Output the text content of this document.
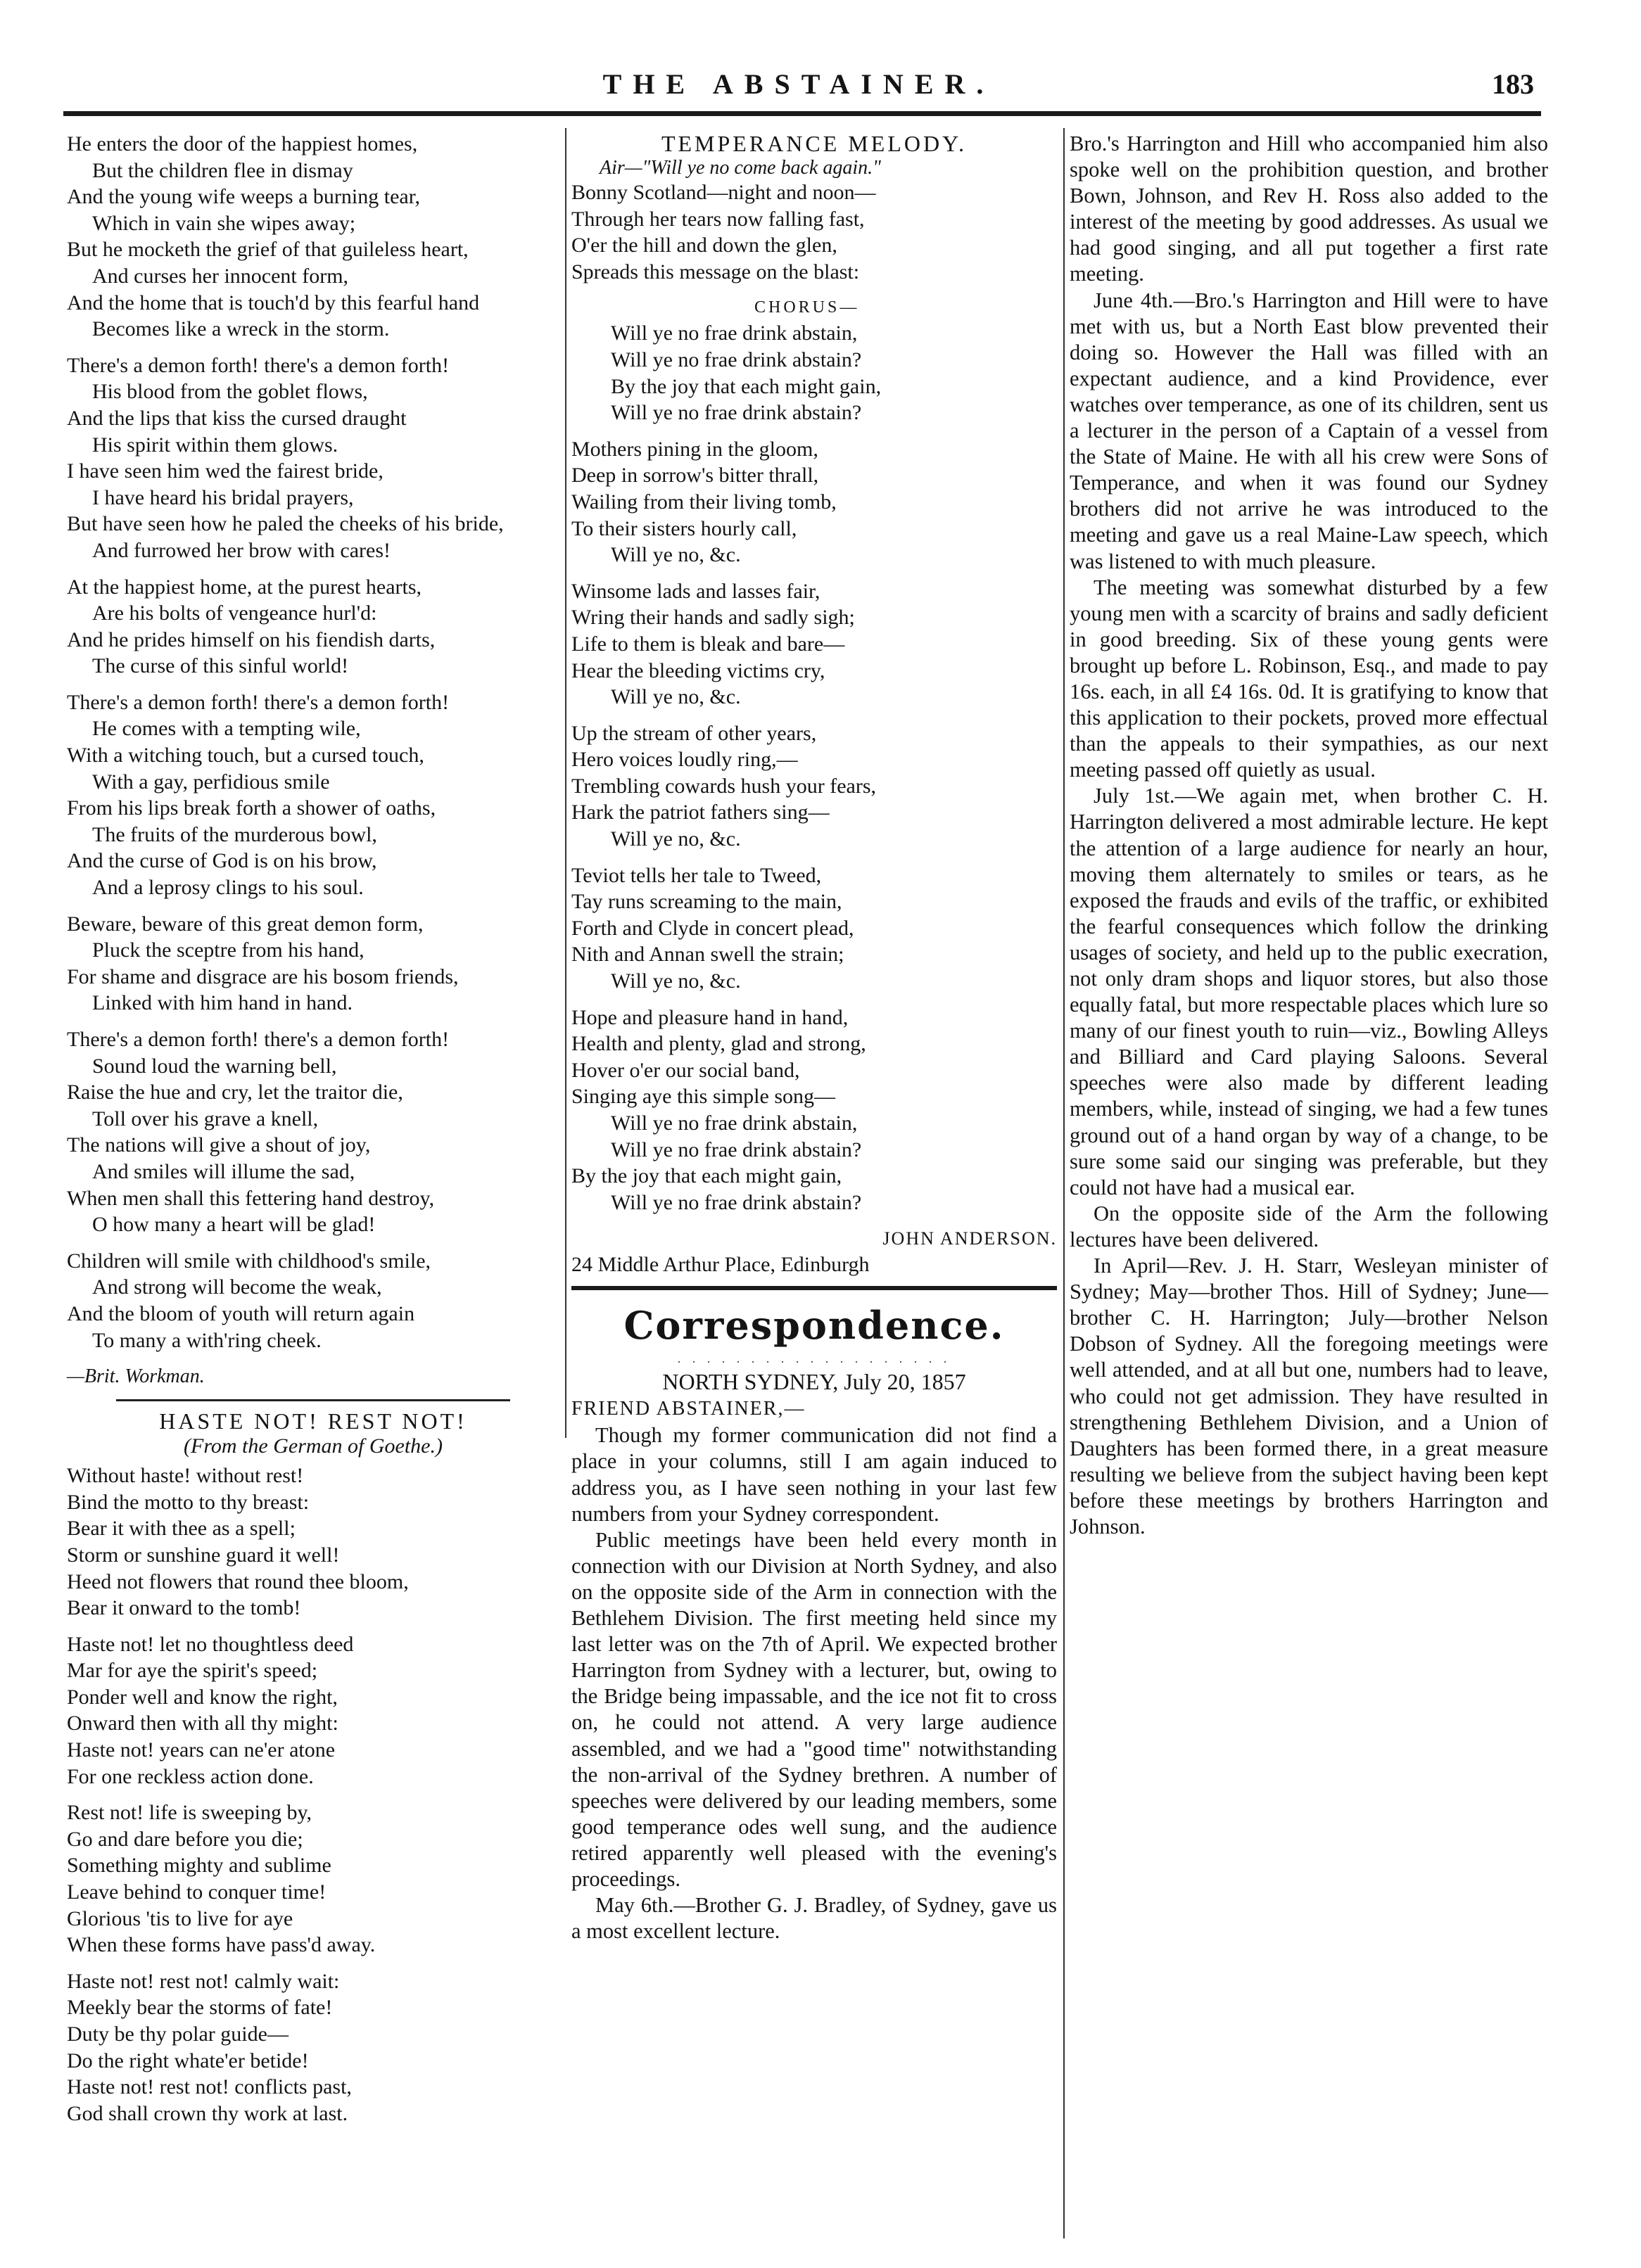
THE ABSTAINER.	183
He enters the door of the happiest homes,
But the children flee in dismay
And the young wife weeps a burning tear,
Which in vain she wipes away;
But he mocketh the grief of that guileless heart,
And curses her innocent form,
And the home that is touch'd by this fearful hand
Becomes like a wreck in the storm.
There's a demon forth! there's a demon forth!
His blood from the goblet flows,
And the lips that kiss the cursed draught
His spirit within them glows.
I have seen him wed the fairest bride,
I have heard his bridal prayers,
But have seen how he paled the cheeks of his bride,
And furrowed her brow with cares!
At the happiest home, at the purest hearts,
Are his bolts of vengeance hurl'd:
And he prides himself on his fiendish darts,
The curse of this sinful world!
There's a demon forth! there's a demon forth!
He comes with a tempting wile,
With a witching touch, but a cursed touch,
With a gay, perfidious smile
From his lips break forth a shower of oaths,
The fruits of the murderous bowl,
And the curse of God is on his brow,
And a leprosy clings to his soul.
Beware, beware of this great demon form,
Pluck the sceptre from his hand,
For shame and disgrace are his bosom friends,
Linked with him hand in hand.
There's a demon forth! there's a demon forth!
Sound loud the warning bell,
Raise the hue and cry, let the traitor die,
Toll over his grave a knell,
The nations will give a shout of joy,
And smiles will illume the sad,
When men shall this fettering hand destroy,
O how many a heart will be glad!
Children will smile with childhood's smile,
And strong will become the weak,
And the bloom of youth will return again
To many a with'ring cheek.
—Brit. Workman.
HASTE NOT! REST NOT!
(From the German of Goethe.)
Without haste! without rest!
Bind the motto to thy breast:
Bear it with thee as a spell;
Storm or sunshine guard it well!
Heed not flowers that round thee bloom,
Bear it onward to the tomb!
Haste not! let no thoughtless deed
Mar for aye the spirit's speed;
Ponder well and know the right,
Onward then with all thy might:
Haste not! years can ne'er atone
For one reckless action done.
Rest not! life is sweeping by,
Go and dare before you die;
Something mighty and sublime
Leave behind to conquer time!
Glorious 'tis to live for aye
When these forms have pass'd away.
Haste not! rest not! calmly wait:
Meekly bear the storms of fate!
Duty be thy polar guide—
Do the right whate'er betide!
Haste not! rest not! conflicts past,
God shall crown thy work at last.
TEMPERANCE MELODY.
Air—"Will ye no come back again."
Bonny Scotland—night and noon—
Through her tears now falling fast,
O'er the hill and down the glen,
Spreads this message on the blast:
CHORUS—
Will ye no frae drink abstain,
Will ye no frae drink abstain?
By the joy that each might gain,
Will ye no frae drink abstain?
Mothers pining in the gloom,
Deep in sorrow's bitter thrall,
Wailing from their living tomb,
To their sisters hourly call,
Will ye no, &c.
Winsome lads and lasses fair,
Wring their hands and sadly sigh;
Life to them is bleak and bare—
Hear the bleeding victims cry,
Will ye no, &c.
Up the stream of other years,
Hero voices loudly ring,—
Trembling cowards hush your fears,
Hark the patriot fathers sing—
Will ye no, &c.
Teviot tells her tale to Tweed,
Tay runs screaming to the main,
Forth and Clyde in concert plead,
Nith and Annan swell the strain;
Will ye no, &c.
Hope and pleasure hand in hand,
Health and plenty, glad and strong,
Hover o'er our social band,
Singing aye this simple song—
Will ye no frae drink abstain,
Will ye no frae drink abstain?
By the joy that each might gain,
Will ye no frae drink abstain?
JOHN ANDERSON.
24 Middle Arthur Place, Edinburgh
Correspondence.
. . . . . . . . . . . . . . . . . . .
NORTH SYDNEY, July 20, 1857
FRIEND ABSTAINER,—

Though my former communication did not find a place in your columns, still I am again induced to address you, as I have seen nothing in your last few numbers from your Sydney correspondent.

Public meetings have been held every month in connection with our Division at North Sydney, and also on the opposite side of the Arm in connection with the Bethlehem Division. The first meeting held since my last letter was on the 7th of April. We expected brother Harrington from Sydney with a lecturer, but, owing to the Bridge being impassable, and the ice not fit to cross on, he could not attend. A very large audience assembled, and we had a "good time" notwithstanding the non-arrival of the Sydney brethren. A number of speeches were delivered by our leading members, some good temperance odes well sung, and the audience retired apparently well pleased with the evening's proceedings.

May 6th.—Brother G. J. Bradley, of Sydney, gave us a most excellent lecture.

Bro.'s Harrington and Hill who accompanied him also spoke well on the prohibition question, and brother Bown, Johnson, and Rev H. Ross also added to the interest of the meeting by good addresses. As usual we had good singing, and all put together a first rate meeting.

June 4th.—Bro.'s Harrington and Hill were to have met with us, but a North East blow prevented their doing so. However the Hall was filled with an expectant audience, and a kind Providence, ever watches over temperance, as one of its children, sent us a lecturer in the person of a Captain of a vessel from the State of Maine. He with all his crew were Sons of Temperance, and when it was found our Sydney brothers did not arrive he was introduced to the meeting and gave us a real Maine-Law speech, which was listened to with much pleasure.

The meeting was somewhat disturbed by a few young men with a scarcity of brains and sadly deficient in good breeding. Six of these young gents were brought up before L. Robinson, Esq., and made to pay 16s. each, in all £4 16s. 0d. It is gratifying to know that this application to their pockets, proved more effectual than the appeals to their sympathies, as our next meeting passed off quietly as usual.

July 1st.—We again met, when brother C. H. Harrington delivered a most admirable lecture. He kept the attention of a large audience for nearly an hour, moving them alternately to smiles or tears, as he exposed the frauds and evils of the traffic, or exhibited the fearful consequences which follow the drinking usages of society, and held up to the public execration, not only dram shops and liquor stores, but also those equally fatal, but more respectable places which lure so many of our finest youth to ruin—viz., Bowling Alleys and Billiard and Card playing Saloons. Several speeches were also made by different leading members, while, instead of singing, we had a few tunes ground out of a hand organ by way of a change, to be sure some said our singing was preferable, but they could not have had a musical ear.

On the opposite side of the Arm the following lectures have been delivered.

In April—Rev. J. H. Starr, Wesleyan minister of Sydney; May—brother Thos. Hill of Sydney; June—brother C. H. Harrington; July—brother Nelson Dobson of Sydney. All the foregoing meetings were well attended, and at all but one, numbers had to leave, who could not get admission. They have resulted in strengthening Bethlehem Division, and a Union of Daughters has been formed there, in a great measure resulting we believe from the subject having been kept before these meetings by brothers Harrington and Johnson.
